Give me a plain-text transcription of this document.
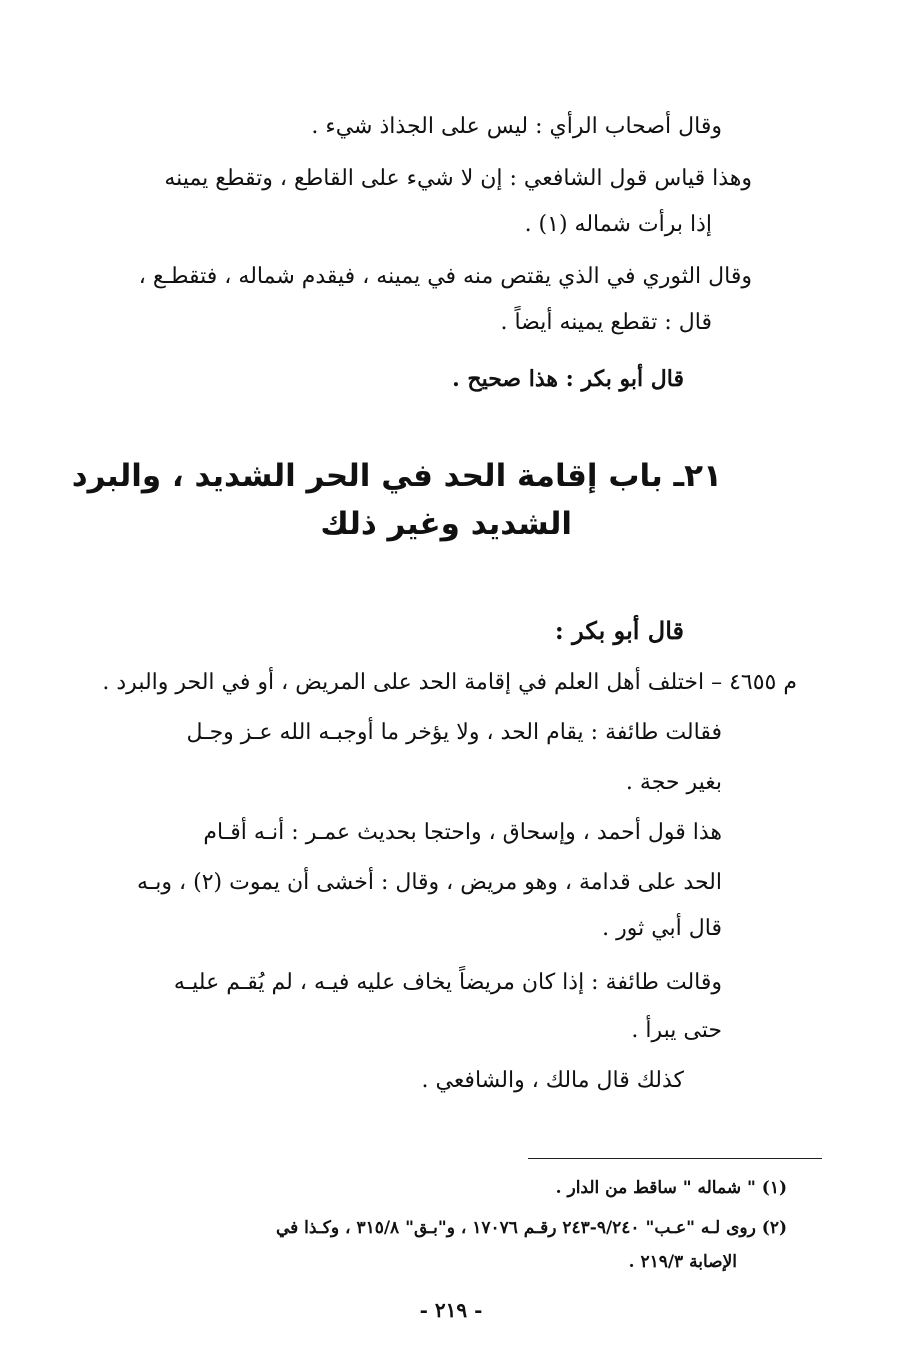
وقال أصحاب الرأي : ليس على الجذاذ شيء .
وهذا قياس قول الشافعي : إن لا شيء على القاطع ، وتقطع يمينه
إذا برأت شماله (١) .
وقال الثوري في الذي يقتص منه في يمينه ، فيقدم شماله ، فتقطـع ،
قال : تقطع يمينه أيضاً .
قال أبو بكر : هذا صحيح .
٢١ـ باب إقامة الحد في الحر الشديد ، والبرد
الشديد وغير ذلك
قال أبو بكر :
م ٤٦٥٥ – اختلف أهل العلم في إقامة الحد على المريض ، أو في الحر والبرد .
فقالت طائفة : يقام الحد ، ولا يؤخر ما أوجبـه الله عـز وجـل
بغير حجة .
هذا قول أحمد ، وإسحاق ، واحتجا بحديث عمـر : أنـه أقـام
الحد على قدامة ، وهو مريض ، وقال : أخشى أن يموت (٢) ، وبـه
قال أبي ثور .
وقالت طائفة : إذا كان مريضاً يخاف عليه فيـه ، لم يُقـم عليـه
حتى يبرأ .
كذلك قال مالك ، والشافعي .
(١) " شماله " ساقط من الدار .
(٢) روى لـه "عـب" ٩/٢٤٠-٢٤٣ رقـم ١٧٠٧٦ ، و"بـق" ٣١٥/٨ ، وكـذا في
الإصابة ٢١٩/٣ .
- ٢١٩ -
